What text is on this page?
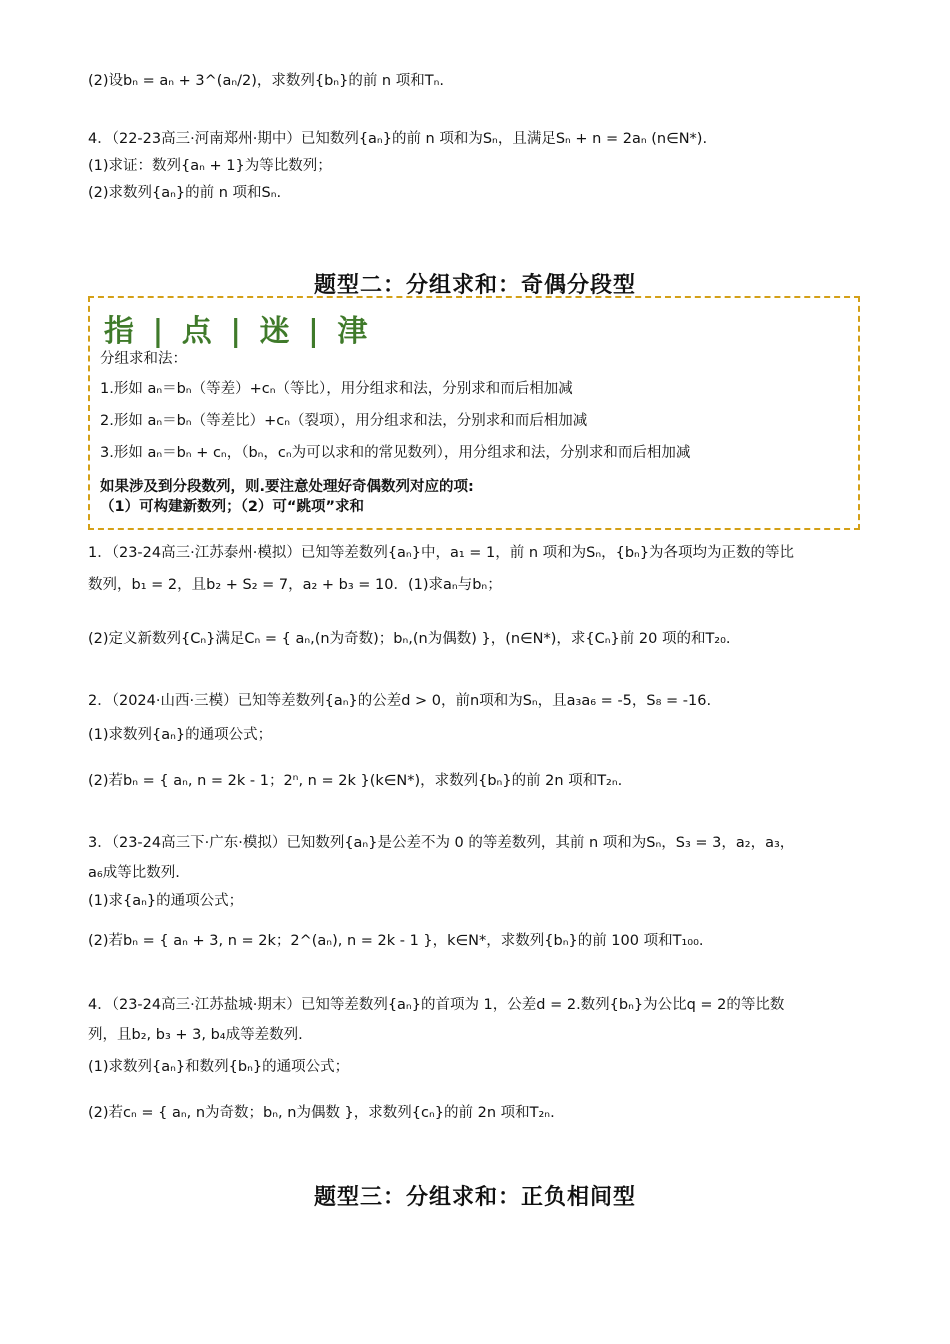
(2)设bₙ = aₙ + 3^(aₙ/2)，求数列{bₙ}的前 n 项和Tₙ.
4．（22-23高三·河南郑州·期中）已知数列{aₙ}的前 n 项和为Sₙ，且满足Sₙ + n = 2aₙ (n∈N*).
(1)求证：数列{aₙ + 1}为等比数列；
(2)求数列{aₙ}的前 n 项和Sₙ.
题型二：分组求和：奇偶分段型
指 | 点 | 迷 | 津
分组求和法：
1.形如 aₙ＝bₙ（等差）+cₙ（等比），用分组求和法，分别求和而后相加减
2.形如 aₙ＝bₙ（等差比）+cₙ（裂项），用分组求和法，分别求和而后相加减
3.形如 aₙ＝bₙ + cₙ，（bₙ，cₙ为可以求和的常见数列），用分组求和法，分别求和而后相加减
如果涉及到分段数列，则.要注意处理好奇偶数列对应的项:
（1）可构建新数列；（2）可“跳项”求和
1．（23-24高三·江苏泰州·模拟）已知等差数列{aₙ}中，a₁ = 1，前 n 项和为Sₙ，{bₙ}为各项均为正数的等比
数列，b₁ = 2，且b₂ + S₂ = 7，a₂ + b₃ = 10．(1)求aₙ与bₙ；
(2)定义新数列{Cₙ}满足Cₙ = { aₙ,(n为奇数)；bₙ,(n为偶数) }，(n∈N*)，求{Cₙ}前 20 项的和T₂₀.
2．（2024·山西·三模）已知等差数列{aₙ}的公差d > 0，前n项和为Sₙ，且a₃a₆ = -5，S₈ = -16.
(1)求数列{aₙ}的通项公式；
(2)若bₙ = { aₙ, n = 2k - 1；2ⁿ, n = 2k }(k∈N*)，求数列{bₙ}的前 2n 项和T₂ₙ.
3．（23-24高三下·广东·模拟）已知数列{aₙ}是公差不为 0 的等差数列，其前 n 项和为Sₙ，S₃ = 3，a₂，a₃，
a₆成等比数列.
(1)求{aₙ}的通项公式；
(2)若bₙ = { aₙ + 3, n = 2k；2^(aₙ), n = 2k - 1 }，k∈N*，求数列{bₙ}的前 100 项和T₁₀₀.
4．（23-24高三·江苏盐城·期末）已知等差数列{aₙ}的首项为 1，公差d = 2.数列{bₙ}为公比q = 2的等比数
列，且b₂, b₃ + 3, b₄成等差数列.
(1)求数列{aₙ}和数列{bₙ}的通项公式；
(2)若cₙ = { aₙ, n为奇数；bₙ, n为偶数 }，求数列{cₙ}的前 2n 项和T₂ₙ.
题型三：分组求和：正负相间型
